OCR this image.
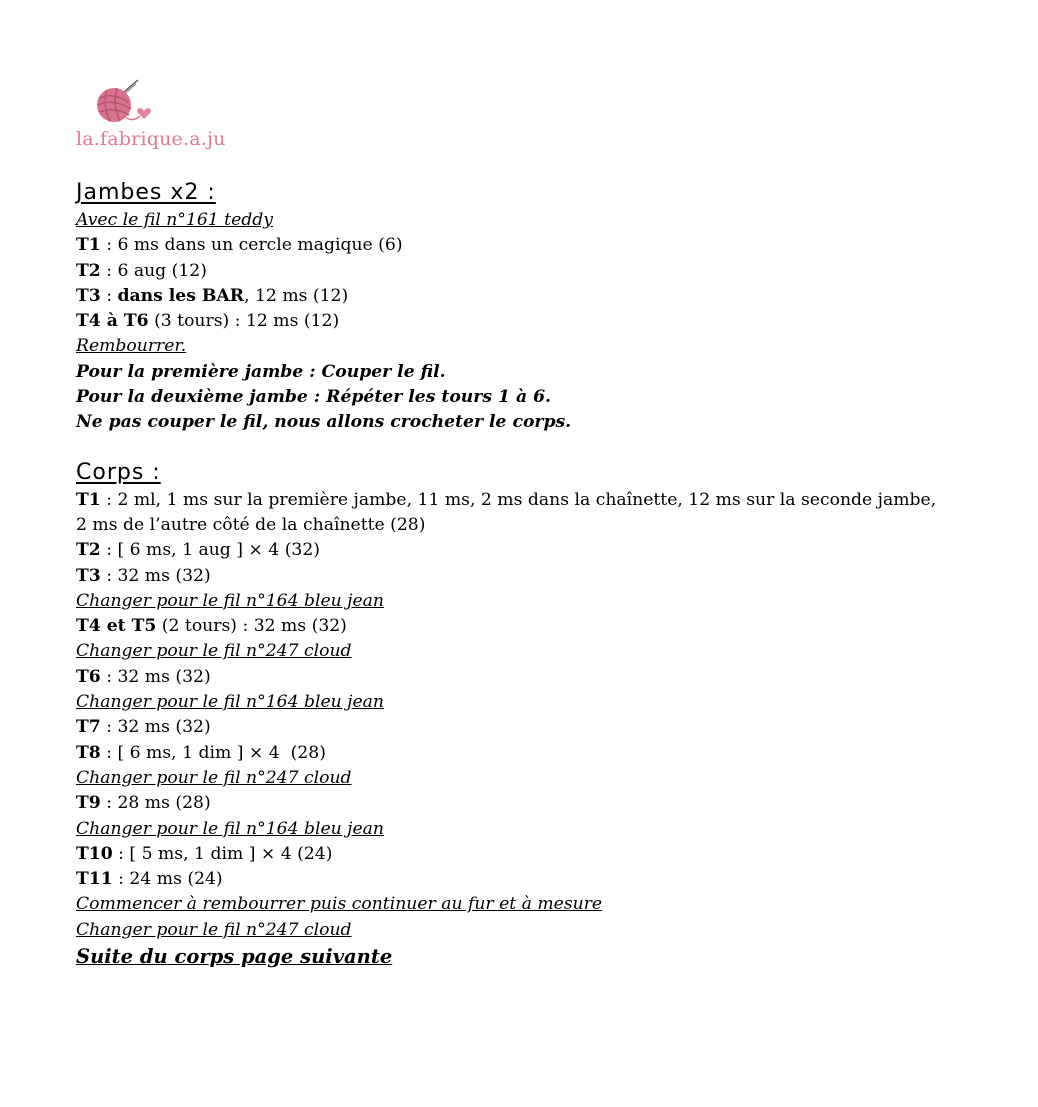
la.fabrique.a.ju
Jambes x2 :

Avec le fil n°161 teddy

T1 : 6 ms dans un cercle magique (6)

T2 : 6 aug (12)

T3 : dans les BAR, 12 ms (12)

T4 à T6 (3 tours) : 12 ms (12)

Rembourrer.

Pour la première jambe : Couper le fil.

Pour la deuxième jambe : Répéter les tours 1 à 6.

Ne pas couper le fil, nous allons crocheter le corps.

Corps :

T1 : 2 ml, 1 ms sur la première jambe, 11 ms, 2 ms dans la chaînette, 12 ms sur la seconde jambe,

2 ms de l’autre côté de la chaînette (28)

T2 : [ 6 ms, 1 aug ] × 4 (32)

T3 : 32 ms (32)

Changer pour le fil n°164 bleu jean

T4 et T5 (2 tours) : 32 ms (32)

Changer pour le fil n°247 cloud

T6 : 32 ms (32)

Changer pour le fil n°164 bleu jean

T7 : 32 ms (32)

T8 : [ 6 ms, 1 dim ] × 4  (28)

Changer pour le fil n°247 cloud

T9 : 28 ms (28)

Changer pour le fil n°164 bleu jean

T10 : [ 5 ms, 1 dim ] × 4 (24)

T11 : 24 ms (24)

Commencer à rembourrer puis continuer au fur et à mesure

Changer pour le fil n°247 cloud

Suite du corps page suivante
